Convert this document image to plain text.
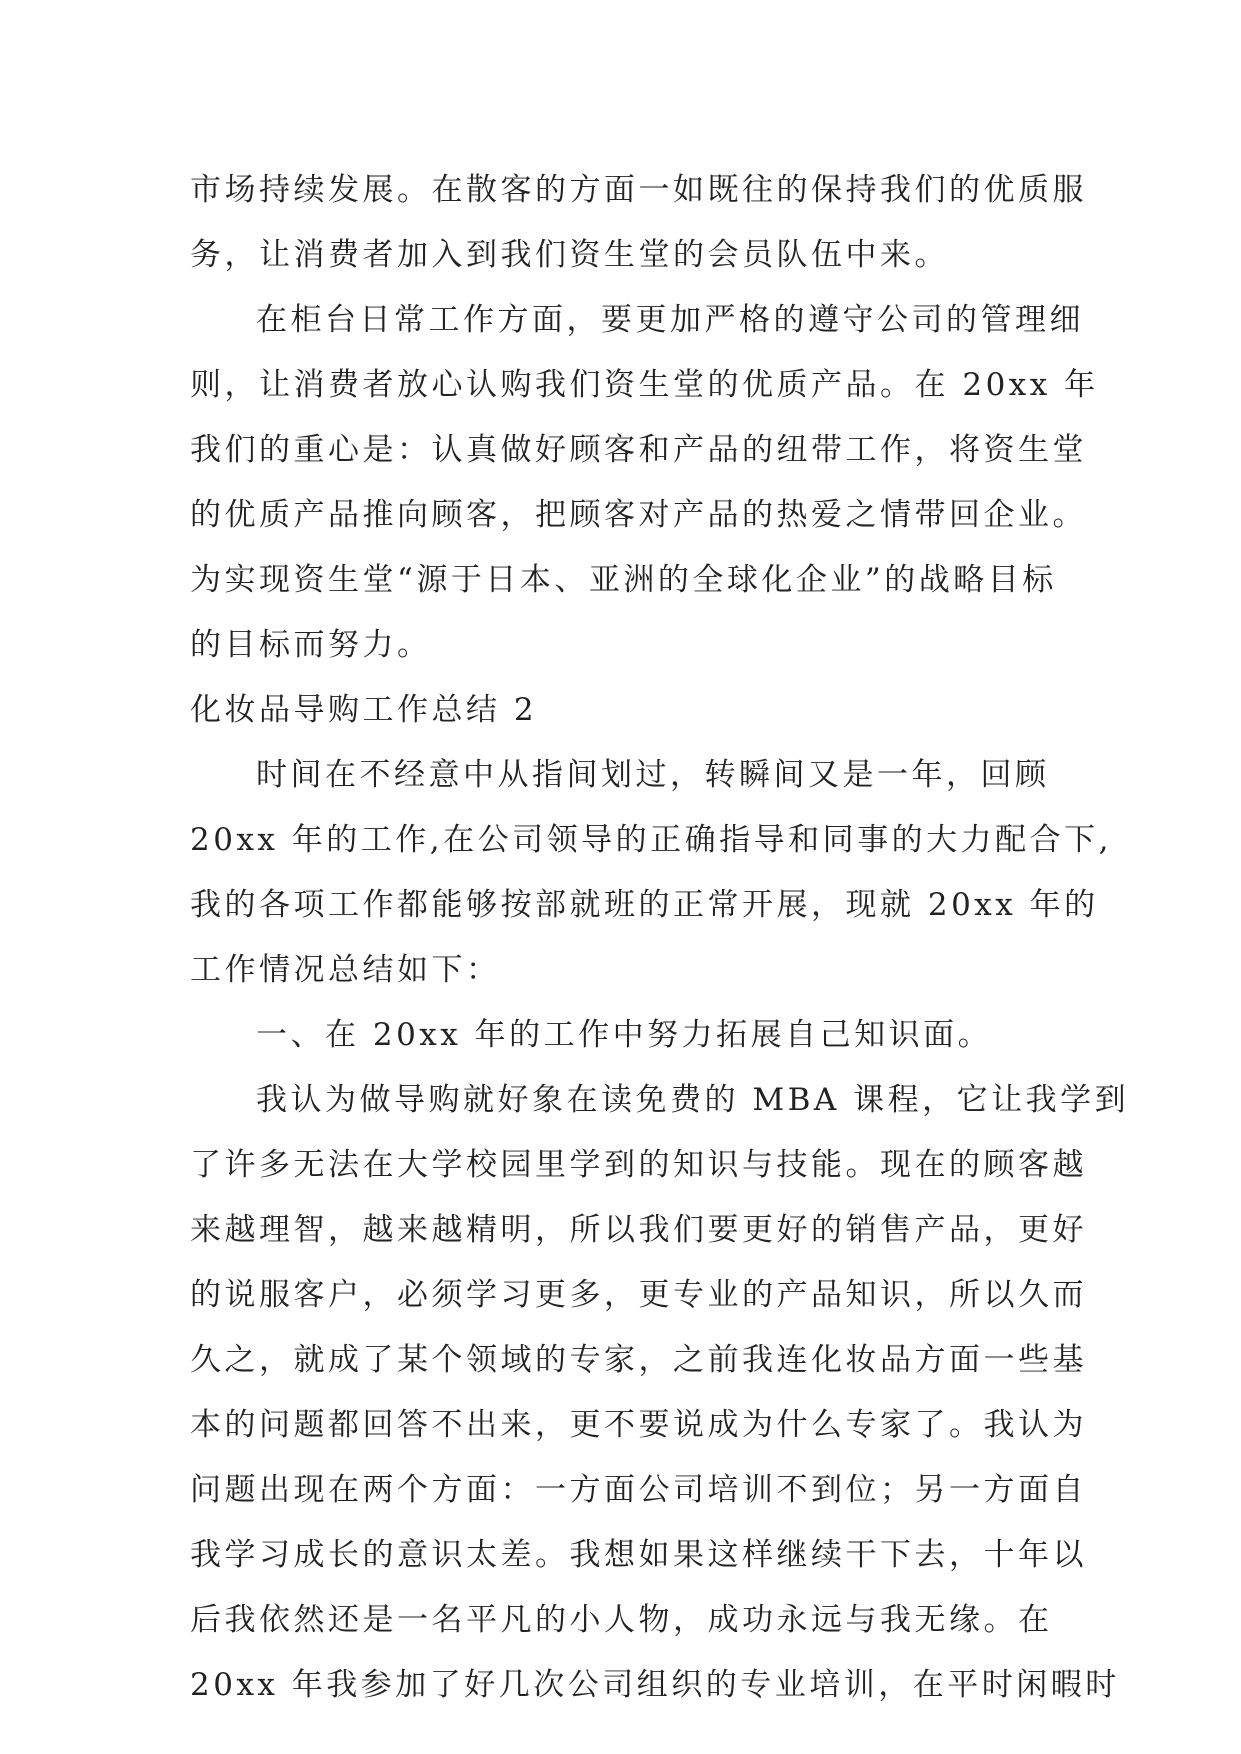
市场持续发展。在散客的方面一如既往的保持我们的优质服
务，让消费者加入到我们资生堂的会员队伍中来。
在柜台日常工作方面，要更加严格的遵守公司的管理细
则，让消费者放心认购我们资生堂的优质产品。在 20xx 年
我们的重心是：认真做好顾客和产品的纽带工作，将资生堂
的优质产品推向顾客，把顾客对产品的热爱之情带回企业。
为实现资生堂“源于日本、亚洲的全球化企业”的战略目标
的目标而努力。
化妆品导购工作总结 2
时间在不经意中从指间划过，转瞬间又是一年，回顾
20xx 年的工作,在公司领导的正确指导和同事的大力配合下,
我的各项工作都能够按部就班的正常开展，现就 20xx 年的
工作情况总结如下：
一、在 20xx 年的工作中努力拓展自己知识面。
我认为做导购就好象在读免费的 MBA 课程，它让我学到
了许多无法在大学校园里学到的知识与技能。现在的顾客越
来越理智，越来越精明，所以我们要更好的销售产品，更好
的说服客户，必须学习更多，更专业的产品知识，所以久而
久之，就成了某个领域的专家，之前我连化妆品方面一些基
本的问题都回答不出来，更不要说成为什么专家了。我认为
问题出现在两个方面：一方面公司培训不到位；另一方面自
我学习成长的意识太差。我想如果这样继续干下去，十年以
后我依然还是一名平凡的小人物，成功永远与我无缘。在
20xx 年我参加了好几次公司组织的专业培训，在平时闲暇时
